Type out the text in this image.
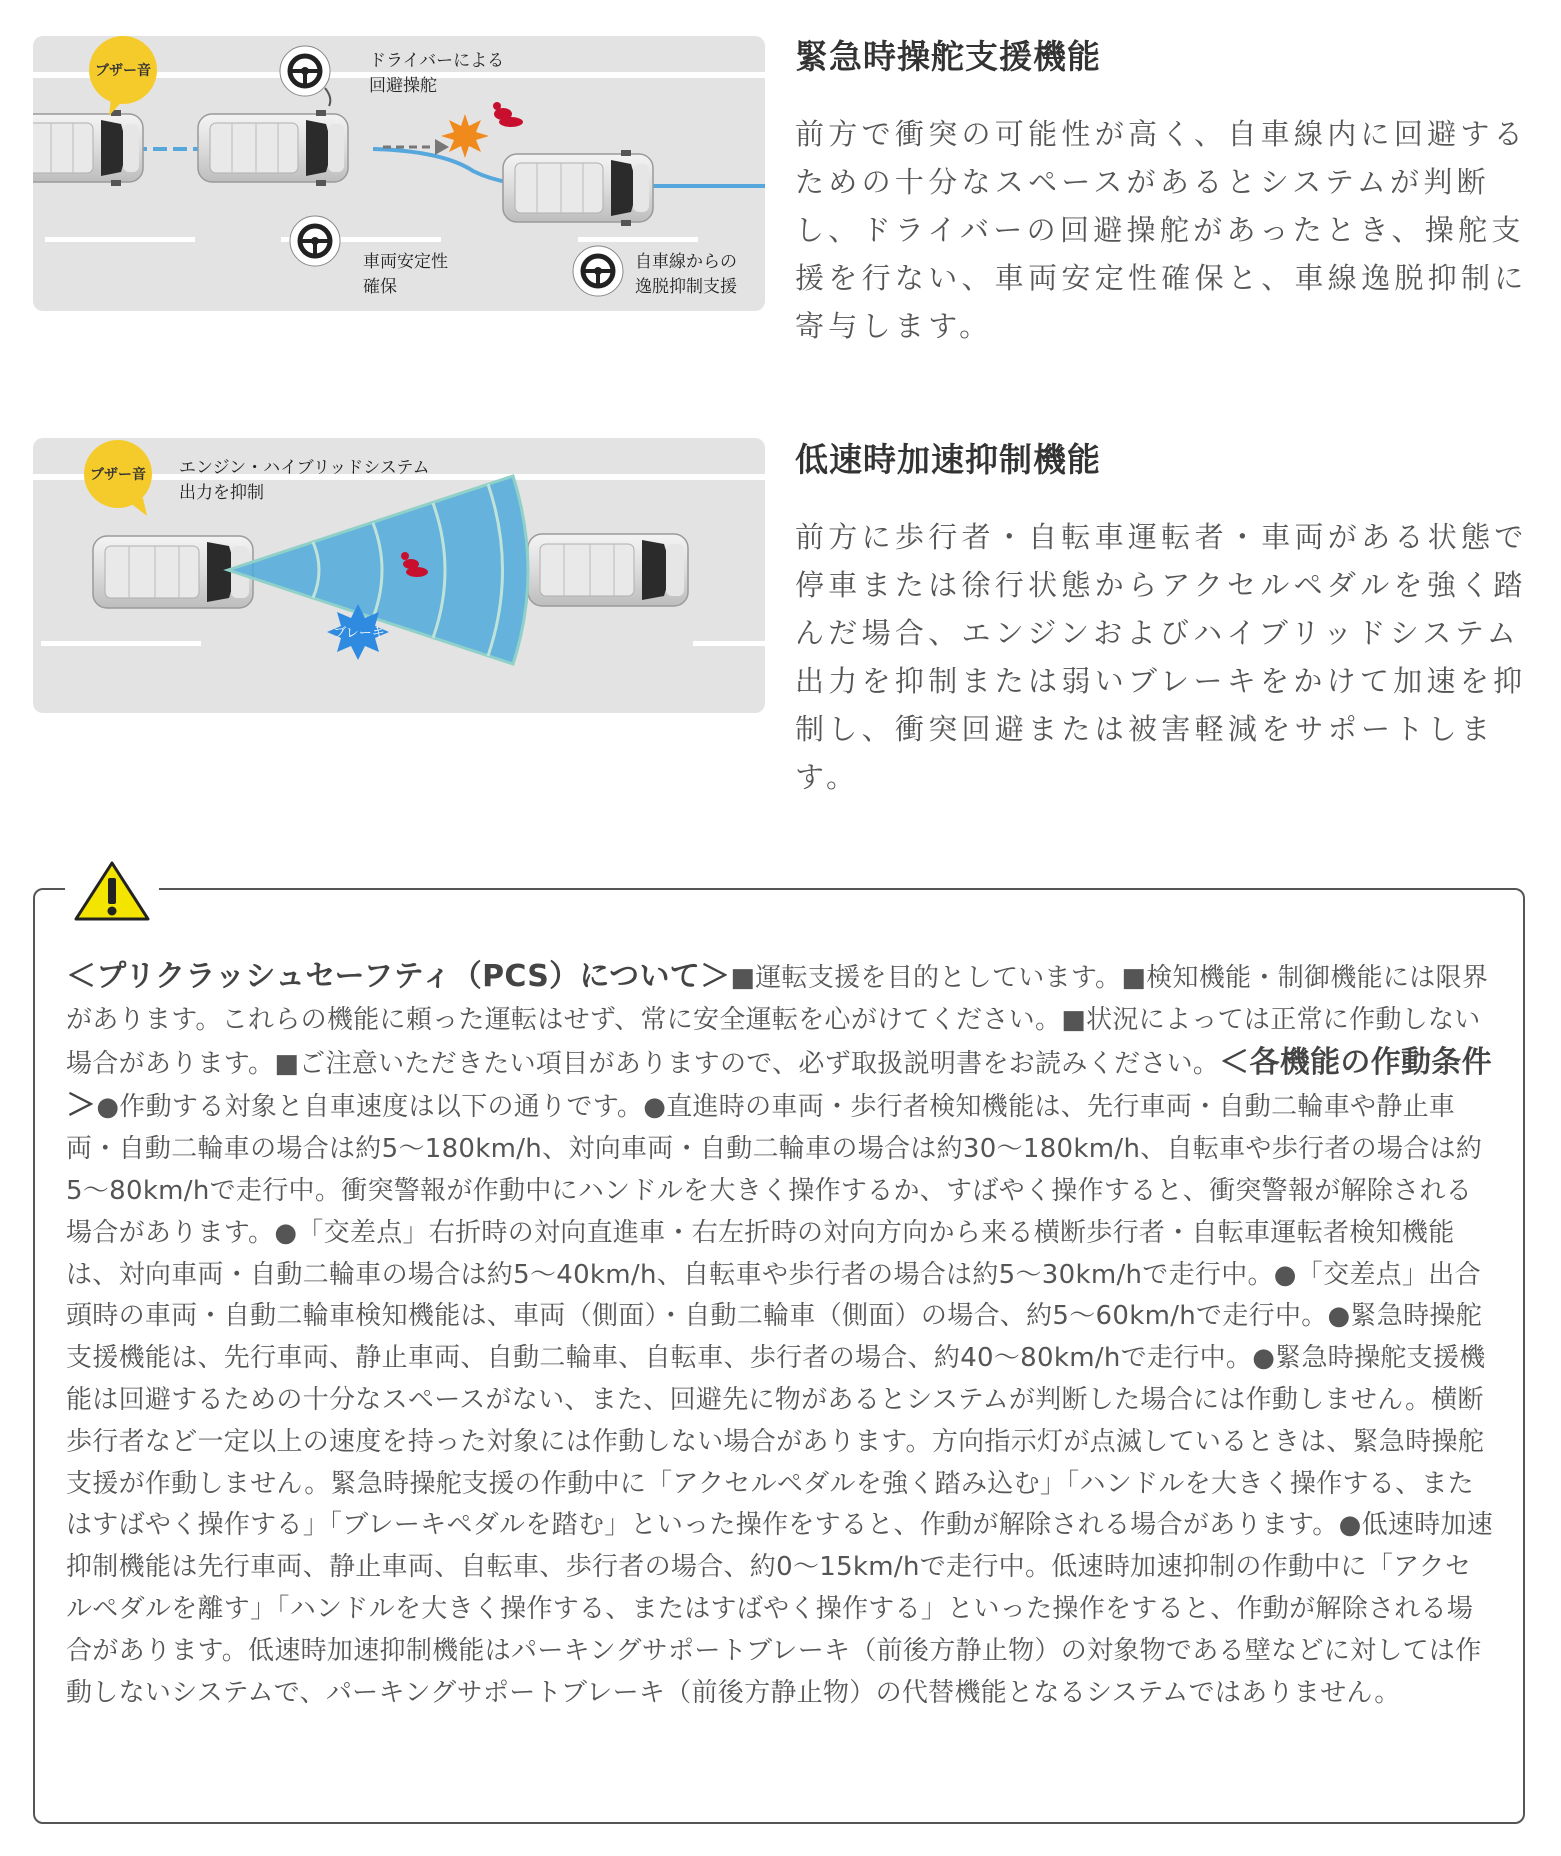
ブザー音	ドライバーによる
回避操舵
車両安定性
確保
自車線からの
逸脱抑制支援
緊急時操舵支援機能

前方で衝突の可能性が高く、自車線内に回避するための十分なスペースがあるとシステムが判断し、ドライバーの回避操舵があったとき、操舵支援を行ない、車両安定性確保と、車線逸脱抑制に寄与します。

ブレーキ
ブザー音 エンジン・ハイブリッドシステム
出力を抑制
低速時加速抑制機能

前方に歩行者・自転車運転者・車両がある状態で停車または徐行状態からアクセルペダルを強く踏んだ場合、エンジンおよびハイブリッドシステム出力を抑制または弱いブレーキをかけて加速を抑制し、衝突回避または被害軽減をサポートします。

＜プリクラッシュセーフティ（PCS）について＞■運転支援を目的としています。■検知機能・制御機能には限界があります。これらの機能に頼った運転はせず、常に安全運転を心がけてください。■状況によっては正常に作動しない場合があります。■ご注意いただきたい項目がありますので、必ず取扱説明書をお読みください。＜各機能の作動条件＞●作動する対象と自車速度は以下の通りです。●直進時の車両・歩行者検知機能は、先行車両・自動二輪車や静止車両・自動二輪車の場合は約5～180km/h、対向車両・自動二輪車の場合は約30～180km/h、自転車や歩行者の場合は約5～80km/hで走行中。衝突警報が作動中にハンドルを大きく操作するか、すばやく操作すると、衝突警報が解除される場合があります。●「交差点」右折時の対向直進車・右左折時の対向方向から来る横断歩行者・自転車運転者検知機能は、対向車両・自動二輪車の場合は約5～40km/h、自転車や歩行者の場合は約5～30km/hで走行中。●「交差点」出合頭時の車両・自動二輪車検知機能は、車両（側面）・自動二輪車（側面）の場合、約5～60km/hで走行中。●緊急時操舵支援機能は、先行車両、静止車両、自動二輪車、自転車、歩行者の場合、約40～80km/hで走行中。●緊急時操舵支援機能は回避するための十分なスペースがない、また、回避先に物があるとシステムが判断した場合には作動しません。横断歩行者など一定以上の速度を持った対象には作動しない場合があります。方向指示灯が点滅しているときは、緊急時操舵支援が作動しません。緊急時操舵支援の作動中に「アクセルペダルを強く踏み込む」「ハンドルを大きく操作する、またはすばやく操作する」「ブレーキペダルを踏む」といった操作をすると、作動が解除される場合があります。●低速時加速抑制機能は先行車両、静止車両、自転車、歩行者の場合、約0～15km/hで走行中。低速時加速抑制の作動中に「アクセルペダルを離す」「ハンドルを大きく操作する、またはすばやく操作する」といった操作をすると、作動が解除される場合があります。低速時加速抑制機能はパーキングサポートブレーキ（前後方静止物）の対象物である壁などに対しては作動しないシステムで、パーキングサポートブレーキ（前後方静止物）の代替機能となるシステムではありません。
